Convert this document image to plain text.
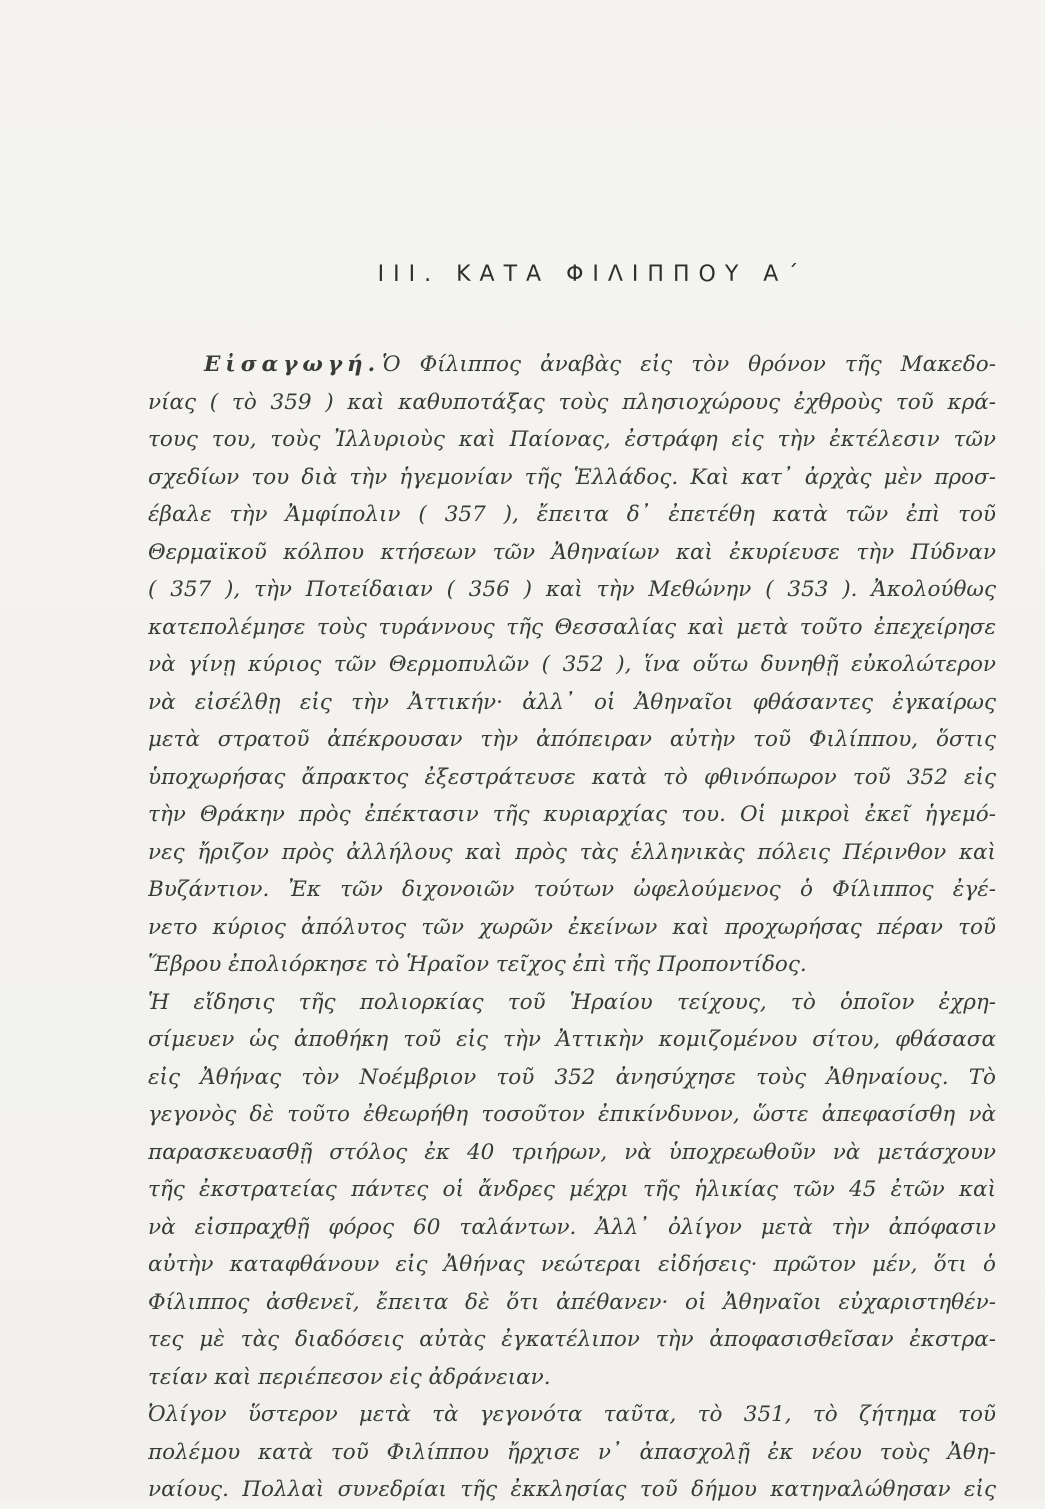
III. ΚΑΤΑ ΦΙΛΙΠΠΟΥ Α΄
Εἰσαγωγή.Ὁ Φίλιππος ἀναβὰς εἰς τὸν θρόνον τῆς Μακεδο-
νίας ( τὸ 359 ) καὶ καθυποτάξας τοὺς πλησιοχώρους ἐχθροὺς τοῦ κρά-
τους του, τοὺς Ἰλλυριοὺς καὶ Παίονας, ἐστράφη εἰς τὴν ἐκτέλεσιν τῶν
σχεδίων του διὰ τὴν ἡγεμονίαν τῆς Ἑλλάδος. Καὶ κατ᾿ ἀρχὰς μὲν προσ-
έβαλε τὴν Ἀμφίπολιν ( 357 ), ἔπειτα δ᾿ ἐπετέθη κατὰ τῶν ἐπὶ τοῦ
Θερμαϊκοῦ κόλπου κτήσεων τῶν Ἀθηναίων καὶ ἐκυρίευσε τὴν Πύδναν
( 357 ), τὴν Ποτείδαιαν ( 356 ) καὶ τὴν Μεθώνην ( 353 ). Ἀκολούθως
κατεπολέμησε τοὺς τυράννους τῆς Θεσσαλίας καὶ μετὰ τοῦτο ἐπεχείρησε
νὰ γίνῃ κύριος τῶν Θερμοπυλῶν ( 352 ), ἵνα οὕτω δυνηθῇ εὐκολώτερον
νὰ εἰσέλθῃ εἰς τὴν Ἀττικήν· ἀλλ᾿ οἱ Ἀθηναῖοι φθάσαντες ἐγκαίρως
μετὰ στρατοῦ ἀπέκρουσαν τὴν ἀπόπειραν αὐτὴν τοῦ Φιλίππου, ὅστις
ὑποχωρήσας ἄπρακτος ἐξεστράτευσε κατὰ τὸ φθινόπωρον τοῦ 352 εἰς
τὴν Θράκην πρὸς ἐπέκτασιν τῆς κυριαρχίας του. Οἱ μικροὶ ἐκεῖ ἡγεμό-
νες ἤριζον πρὸς ἀλλήλους καὶ πρὸς τὰς ἑλληνικὰς πόλεις Πέρινθον καὶ
Βυζάντιον. Ἐκ τῶν διχονοιῶν τούτων ὠφελούμενος ὁ Φίλιππος ἐγέ-
νετο κύριος ἀπόλυτος τῶν χωρῶν ἐκείνων καὶ προχωρήσας πέραν τοῦ
Ἕβρου ἐπολιόρκησε τὸ Ἡραῖον τεῖχος ἐπὶ τῆς Προποντίδος.
Ἡ εἴδησις τῆς πολιορκίας τοῦ Ἡραίου τείχους, τὸ ὁποῖον ἐχρη-
σίμευεν ὡς ἀποθήκη τοῦ εἰς τὴν Ἀττικὴν κομιζομένου σίτου, φθάσασα
εἰς Ἀθήνας τὸν Νοέμβριον τοῦ 352 ἀνησύχησε τοὺς Ἀθηναίους. Τὸ
γεγονὸς δὲ τοῦτο ἐθεωρήθη τοσοῦτον ἐπικίνδυνον, ὥστε ἀπεφασίσθη νὰ
παρασκευασθῇ στόλος ἐκ 40 τριήρων, νὰ ὑποχρεωθοῦν νὰ μετάσχουν
τῆς ἐκστρατείας πάντες οἱ ἄνδρες μέχρι τῆς ἡλικίας τῶν 45 ἐτῶν καὶ
νὰ εἰσπραχθῇ φόρος 60 ταλάντων. Ἀλλ᾿ ὀλίγον μετὰ τὴν ἀπόφασιν
αὐτὴν καταφθάνουν εἰς Ἀθήνας νεώτεραι εἰδήσεις· πρῶτον μέν, ὅτι ὁ
Φίλιππος ἀσθενεῖ, ἔπειτα δὲ ὅτι ἀπέθανεν· οἱ Ἀθηναῖοι εὐχαριστηθέν-
τες μὲ τὰς διαδόσεις αὐτὰς ἐγκατέλιπον τὴν ἀποφασισθεῖσαν ἐκστρα-
τείαν καὶ περιέπεσον εἰς ἀδράνειαν.
Ὀλίγον ὕστερον μετὰ τὰ γεγονότα ταῦτα, τὸ 351, τὸ ζήτημα τοῦ
πολέμου κατὰ τοῦ Φιλίππου ἤρχισε ν᾿ ἀπασχολῇ ἐκ νέου τοὺς Ἀθη-
ναίους. Πολλαὶ συνεδρίαι τῆς ἐκκλησίας τοῦ δήμου κατηναλώθησαν εἰς
